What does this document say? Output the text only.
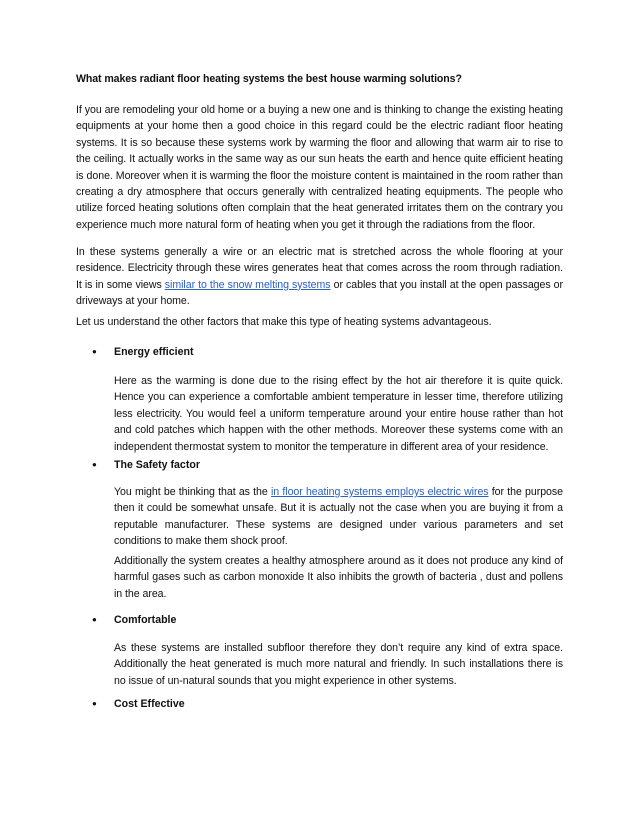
What makes radiant floor heating systems the best house warming solutions?
If you are remodeling your old home or a buying a new one and is thinking to change the existing heating equipments at your home then a good choice in this regard could be the electric radiant floor heating systems. It is so because these systems work by warming the floor and allowing that warm air to rise to the ceiling. It actually works in the same way as our sun heats the earth and hence quite efficient heating is done. Moreover when it is warming the floor the moisture content is maintained in the room rather than creating a dry atmosphere that occurs generally with centralized heating equipments. The people who utilize forced heating solutions often complain that the heat generated irritates them on the contrary you experience much more natural form of heating when you get it through the radiations from the floor.
In these systems generally a wire or an electric mat is stretched across the whole flooring at your residence. Electricity through these wires generates heat that comes across the room through radiation. It is in some views similar to the snow melting systems or cables that you install at the open passages or driveways at your home.
Let us understand the other factors that make this type of heating systems advantageous.
● Energy efficient
Here as the warming is done due to the rising effect by the hot air therefore it is quite quick. Hence you can experience a comfortable ambient temperature in lesser time, therefore utilizing less electricity. You would feel a uniform temperature around your entire house rather than hot and cold patches which happen with the other methods. Moreover these systems come with an independent thermostat system to monitor the temperature in different area of your residence.
● The Safety factor
You might be thinking that as the in floor heating systems employs electric wires for the purpose then it could be somewhat unsafe. But it is actually not the case when you are buying it from a reputable manufacturer. These systems are designed under various parameters and set conditions to make them shock proof.
Additionally the system creates a healthy atmosphere around as it does not produce any kind of harmful gases such as carbon monoxide It also inhibits the growth of bacteria , dust and pollens in the area.
● Comfortable
As these systems are installed subfloor therefore they don’t require any kind of extra space. Additionally the heat generated is much more natural and friendly. In such installations there is no issue of un-natural sounds that you might experience in other systems.
● Cost Effective
